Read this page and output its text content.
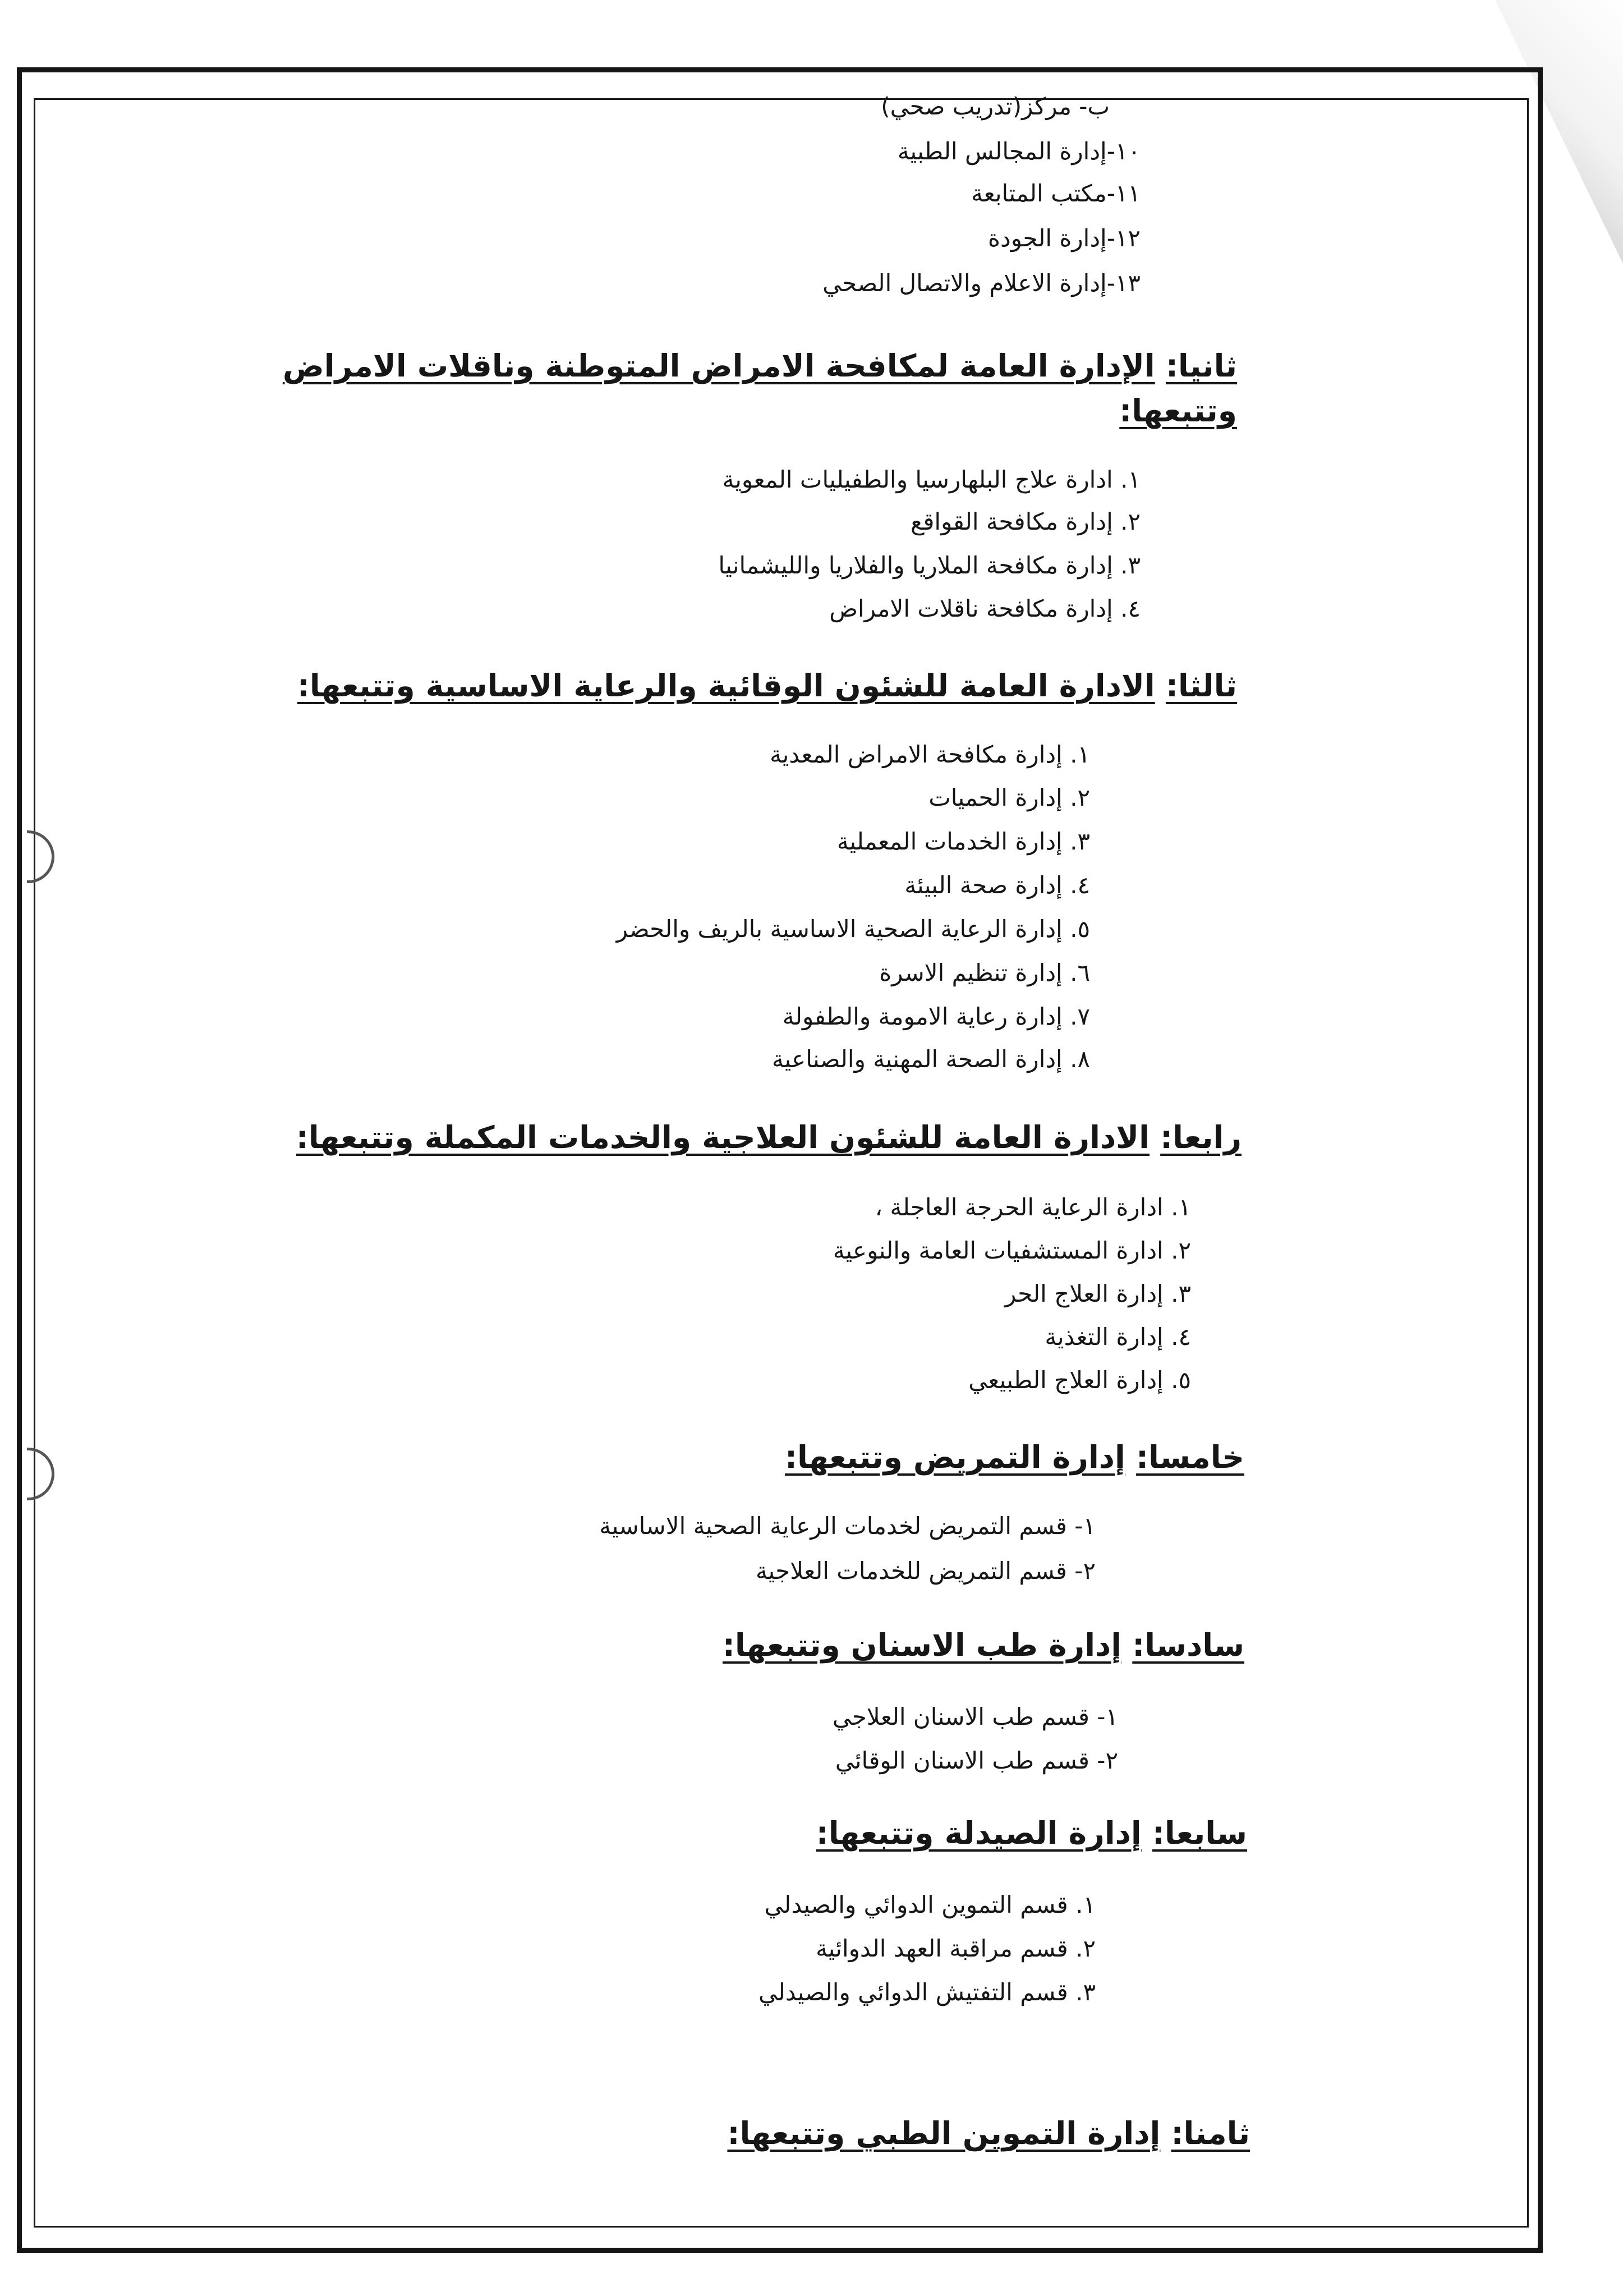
ب- مركز(تدريب صحي)
١٠-إدارة المجالس الطبية
١١-مكتب المتابعة
١٢-إدارة الجودة
١٣-إدارة الاعلام والاتصال الصحي
ثانيا: الإدارة العامة لمكافحة الامراض المتوطنة وناقلات الامراض
وتتبعها:
١. ادارة علاج البلهارسيا والطفيليات المعوية
٢. إدارة مكافحة القواقع
٣. إدارة مكافحة الملاريا والفلاريا والليشمانيا
٤. إدارة مكافحة ناقلات الامراض
ثالثا: الادارة العامة للشئون الوقائية والرعاية الاساسية وتتبعها:
١. إدارة مكافحة الامراض المعدية
٢. إدارة الحميات
٣. إدارة الخدمات المعملية
٤. إدارة صحة البيئة
٥. إدارة الرعاية الصحية الاساسية بالريف والحضر
٦. إدارة تنظيم الاسرة
٧. إدارة رعاية الامومة والطفولة
٨. إدارة الصحة المهنية والصناعية
رابعا: الادارة العامة للشئون العلاجية والخدمات المكملة وتتبعها:
١. ادارة الرعاية الحرجة العاجلة ،
٢. ادارة المستشفيات العامة والنوعية
٣. إدارة العلاج الحر
٤. إدارة التغذية
٥. إدارة العلاج الطبيعي
خامسا: إدارة التمريض وتتبعها:
١- قسم التمريض لخدمات الرعاية الصحية الاساسية
٢- قسم التمريض للخدمات العلاجية
سادسا: إدارة طب الاسنان وتتبعها:
١- قسم طب الاسنان العلاجي
٢- قسم طب الاسنان الوقائي
سابعا: إدارة الصيدلة وتتبعها:
١. قسم التموين الدوائي والصيدلي
٢. قسم مراقبة العهد الدوائية
٣. قسم التفتيش الدوائي والصيدلي
ثامنا: إدارة التموين الطبي وتتبعها:
